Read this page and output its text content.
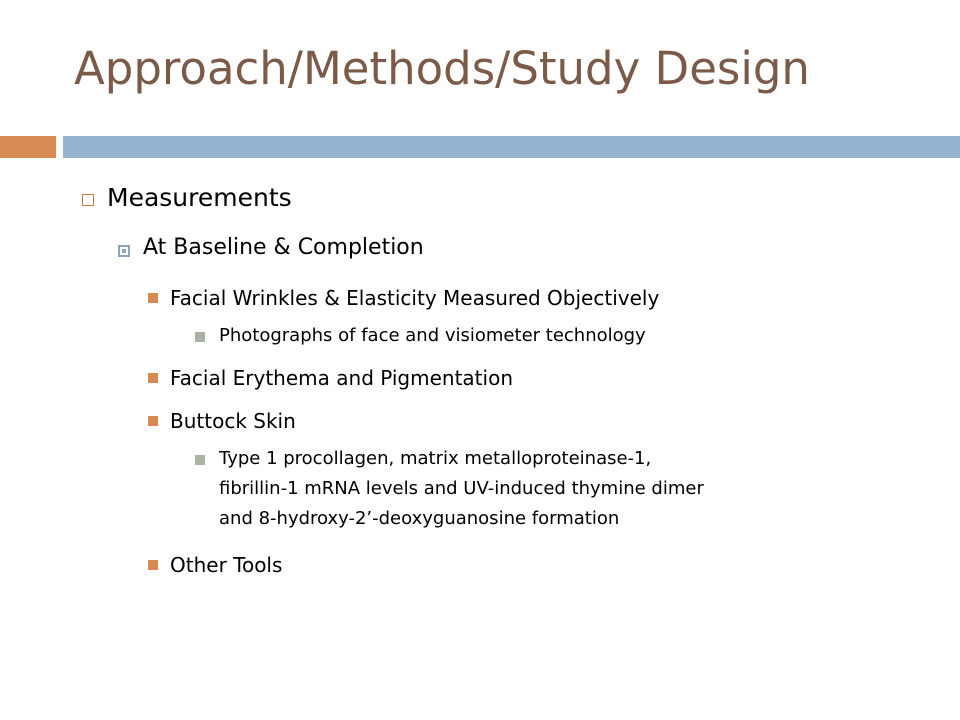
Approach/Methods/Study Design
Measurements
At Baseline & Completion
Facial Wrinkles & Elasticity Measured Objectively
Photographs of face and visiometer technology
Facial Erythema and Pigmentation
Buttock Skin
Type 1 procollagen, matrix metalloproteinase-1, fibrillin-1 mRNA levels and UV-induced thymine dimer and 8-hydroxy-2’-deoxyguanosine formation
Other Tools
